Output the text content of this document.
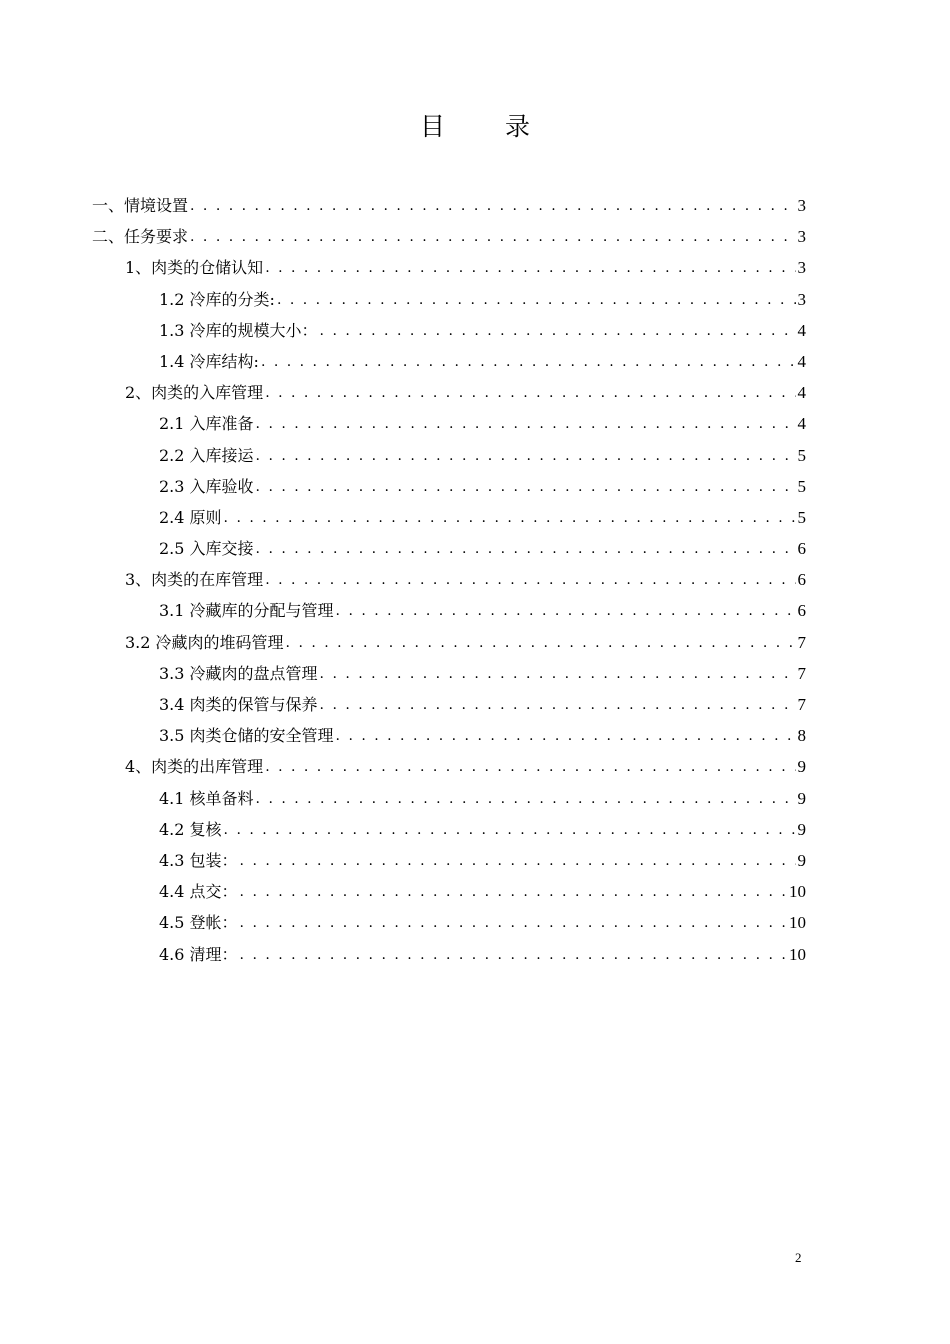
目 录
一、情境设置 . . .	3
二、任务要求 . . .	3
1、肉类的仓储认知 . . .	3
1.2 冷库的分类: . . .	3
1.3 冷库的规模大小： . . .	4
1.4 冷库结构: . . .	4
2、肉类的入库管理 . . .	4
2.1 入库准备 . . .	4
2.2 入库接运 . . .	5
2.3 入库验收 . . .	5
2.4 原则 . . .	5
2.5 入库交接 . . .	6
3、肉类的在库管理 . . .	6
3.1 冷藏库的分配与管理 . . .	6
3.2 冷藏肉的堆码管理 . . .	7
3.3 冷藏肉的盘点管理 . . .	7
3.4 肉类的保管与保养 . . .	7
3.5 肉类仓储的安全管理 . . .	8
4、肉类的出库管理 . . .	9
4.1 核单备料 . . .	9
4.2 复核 . . .	9
4.3 包装： . . .	9
4.4 点交： . . .	10
4.5 登帐： . . .	10
4.6 清理： . . .	10
2
